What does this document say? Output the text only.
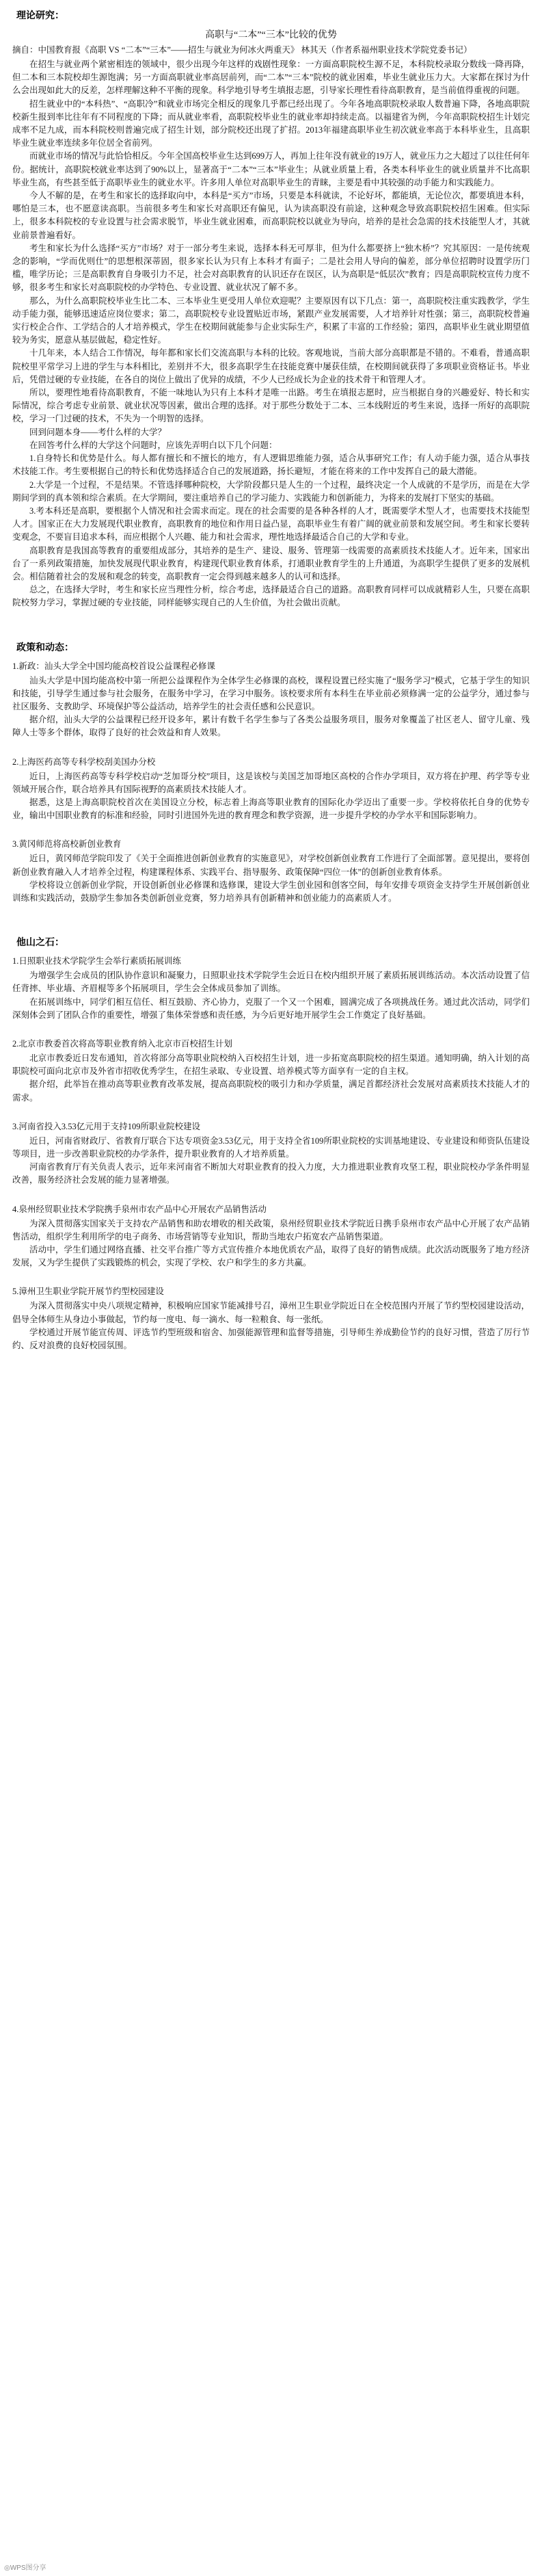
理论研究：
高职与“二本”“三本”比较的优势
摘自：中国教育报《高职 VS “二本”“三本”——招生与就业为何冰火两重天》 林其天（作者系福州职业技术学院党委书记）

在招生与就业两个紧密相连的领域中，很少出现今年这样的戏剧性现象：一方面高职院校生源不足，本科院校录取分数线一降再降，但二本和三本院校却生源饱满；另一方面高职就业率高居前列，而“二本”“三本”院校的就业困难，毕业生就业压力大。大家都在探讨为什么会出现如此大的反差，怎样理解这种不平衡的现象。科学地引导考生填报志愿，引导家长理性看待高职教育，是当前值得重视的问题。

招生就业中的“本科热”、“高职冷”和就业市场完全相反的现象几乎都已经出现了。今年各地高职院校录取人数普遍下降，各地高职院校新生报到率比往年有不同程度的下降；而从就业率看，高职院校毕业生的就业率却持续走高。以福建省为例，今年高职院校招生计划完成率不足九成，而本科院校则普遍完成了招生计划，部分院校还出现了扩招。2013年福建高职毕业生初次就业率高于本科毕业生，且高职毕业生就业率连续多年位居全省前列。

而就业市场的情况与此恰恰相反。今年全国高校毕业生达到699万人，再加上往年没有就业的19万人，就业压力之大超过了以往任何年份。据统计，高职院校就业率达到了90%以上，显著高于“二本”“三本”毕业生；从就业质量上看，各类本科毕业生的就业质量并不比高职毕业生高，有些甚至低于高职毕业生的就业水平。许多用人单位对高职毕业生的青睐，主要是看中其较强的动手能力和实践能力。

今人不解的是，在考生和家长的选择取向中，本科是“买方”市场，只要是本科就读，不论好坏，都能填，无论位次，都要填进本科，哪怕是三本，也不愿意读高职。当前很多考生和家长对高职还有偏见，认为读高职没有前途，这种观念导致高职院校招生困难。但实际上，很多本科院校的专业设置与社会需求脱节，毕业生就业困难，而高职院校以就业为导向，培养的是社会急需的技术技能型人才，其就业前景普遍看好。

考生和家长为什么选择“买方”市场？对于一部分考生来说，选择本科无可厚非，但为什么都要挤上“独木桥”？究其原因：一是传统观念的影响，“学而优则仕”的思想根深蒂固，很多家长认为只有上本科才有面子；二是社会用人导向的偏差，部分单位招聘时设置学历门槛，唯学历论；三是高职教育自身吸引力不足，社会对高职教育的认识还存在误区，认为高职是“低层次”教育；四是高职院校宣传力度不够，很多考生和家长对高职院校的办学特色、专业设置、就业状况了解不多。

那么，为什么高职院校毕业生比二本、三本毕业生更受用人单位欢迎呢？主要原因有以下几点：第一，高职院校注重实践教学，学生动手能力强，能够迅速适应岗位要求；第二，高职院校专业设置贴近市场，紧跟产业发展需要，人才培养针对性强；第三，高职院校普遍实行校企合作、工学结合的人才培养模式，学生在校期间就能参与企业实际生产，积累了丰富的工作经验；第四，高职毕业生就业期望值较为务实，愿意从基层做起，稳定性好。

十几年来，本人结合工作情况，每年都和家长们交流高职与本科的比较。客观地说，当前大部分高职都是不错的。不难看，普通高职院校里平常学习上进的学生与本科相比，差别并不大，很多高职学生在技能竞赛中屡获佳绩，在校期间就获得了多项职业资格证书。毕业后，凭借过硬的专业技能，在各自的岗位上做出了优异的成绩，不少人已经成长为企业的技术骨干和管理人才。

所以，要理性地看待高职教育，不能一味地认为只有上本科才是唯一出路。考生在填报志愿时，应当根据自身的兴趣爱好、特长和实际情况，综合考虑专业前景、就业状况等因素，做出合理的选择。对于那些分数处于二本、三本线附近的考生来说，选择一所好的高职院校，学习一门过硬的技术，不失为一个明智的选择。

回到问题本身——考什么样的大学？

在回答考什么样的大学这个问题时，应该先弄明白以下几个问题：

1.自身特长和优势是什么。每人都有擅长和不擅长的地方，有人逻辑思维能力强，适合从事研究工作；有人动手能力强，适合从事技术技能工作。考生要根据自己的特长和优势选择适合自己的发展道路，扬长避短，才能在将来的工作中发挥自己的最大潜能。

2.大学是一个过程，不是结果。不管选择哪种院校，大学阶段都只是人生的一个过程，最终决定一个人成就的不是学历，而是在大学期间学到的真本领和综合素质。在大学期间，要注重培养自己的学习能力、实践能力和创新能力，为将来的发展打下坚实的基础。

3.考本科还是高职，要根据个人情况和社会需求而定。现在的社会需要的是各种各样的人才，既需要学术型人才，也需要技术技能型人才。国家正在大力发展现代职业教育，高职教育的地位和作用日益凸显，高职毕业生有着广阔的就业前景和发展空间。考生和家长要转变观念，不要盲目追求本科，而应根据个人兴趣、能力和社会需求，理性地选择最适合自己的大学和专业。

高职教育是我国高等教育的重要组成部分，其培养的是生产、建设、服务、管理第一线需要的高素质技术技能人才。近年来，国家出台了一系列政策措施，加快发展现代职业教育，构建现代职业教育体系，打通职业教育学生的上升通道，为高职学生提供了更多的发展机会。相信随着社会的发展和观念的转变，高职教育一定会得到越来越多人的认可和选择。

总之，在选择大学时，考生和家长应当理性分析，综合考虑，选择最适合自己的道路。高职教育同样可以成就精彩人生，只要在高职院校努力学习，掌握过硬的专业技能，同样能够实现自己的人生价值，为社会做出贡献。

政策和动态：
1.新政：汕头大学全中国均能高校首设公益课程必修课

汕头大学是中国均能高校中第一所把公益课程作为全体学生必修课的高校，课程设置已经实施了“服务学习”模式，它基于学生的知识和技能，引导学生通过参与社会服务，在服务中学习，在学习中服务。该校要求所有本科生在毕业前必须修满一定的公益学分，通过参与社区服务、支教助学、环境保护等公益活动，培养学生的社会责任感和公民意识。

据介绍，汕头大学的公益课程已经开设多年，累计有数千名学生参与了各类公益服务项目，服务对象覆盖了社区老人、留守儿童、残障人士等多个群体，取得了良好的社会效益和育人效果。

2.上海医药高等专科学校刮美国办分校

近日，上海医药高等专科学校启动“芝加哥分校”项目，这是该校与美国芝加哥地区高校的合作办学项目，双方将在护理、药学等专业领域开展合作，联合培养具有国际视野的高素质技术技能人才。

据悉，这是上海高职院校首次在美国设立分校，标志着上海高等职业教育的国际化办学迈出了重要一步。学校将依托自身的优势专业，输出中国职业教育的标准和经验，同时引进国外先进的教育理念和教学资源，进一步提升学校的办学水平和国际影响力。

3.黄冈师范将高校新创业教育

近日，黄冈师范学院印发了《关于全面推进创新创业教育的实施意见》，对学校创新创业教育工作进行了全面部署。意见提出，要将创新创业教育融入人才培养全过程，构建课程体系、实践平台、指导服务、政策保障“四位一体”的创新创业教育体系。

学校将设立创新创业学院，开设创新创业必修课和选修课，建设大学生创业园和创客空间，每年安排专项资金支持学生开展创新创业训练和实践活动，鼓励学生参加各类创新创业竞赛，努力培养具有创新精神和创业能力的高素质人才。

他山之石：
1.日照职业技术学院学生会举行素质拓展训练

为增强学生会成员的团队协作意识和凝聚力，日照职业技术学院学生会近日在校内组织开展了素质拓展训练活动。本次活动设置了信任背摔、毕业墙、齐眉棍等多个拓展项目，学生会全体成员参加了训练。

在拓展训练中，同学们相互信任、相互鼓励、齐心协力，克服了一个又一个困难，圆满完成了各项挑战任务。通过此次活动，同学们深刻体会到了团队合作的重要性，增强了集体荣誉感和责任感，为今后更好地开展学生会工作奠定了良好基础。

2.北京市教委首次将高等职业教育纳入北京市百校招生计划

北京市教委近日发布通知，首次将部分高等职业院校纳入百校招生计划，进一步拓宽高职院校的招生渠道。通知明确，纳入计划的高职院校可面向北京市及外省市招收优秀学生，在招生录取、专业设置、培养模式等方面享有一定的自主权。

据介绍，此举旨在推动高等职业教育改革发展，提高高职院校的吸引力和办学质量，满足首都经济社会发展对高素质技术技能人才的需求。

3.河南省投入3.53亿元用于支持109所职业院校建设

近日，河南省财政厅、省教育厅联合下达专项资金3.53亿元，用于支持全省109所职业院校的实训基地建设、专业建设和师资队伍建设等项目，进一步改善职业院校的办学条件，提升职业教育的人才培养质量。

河南省教育厅有关负责人表示，近年来河南省不断加大对职业教育的投入力度，大力推进职业教育攻坚工程，职业院校办学条件明显改善，服务经济社会发展的能力显著增强。

4.泉州经贸职业技术学院携手泉州市农产品中心开展农产品销售活动

为深入贯彻落实国家关于支持农产品销售和助农增收的相关政策，泉州经贸职业技术学院近日携手泉州市农产品中心开展了农产品销售活动，组织学生利用所学的电子商务、市场营销等专业知识，帮助当地农户拓宽农产品销售渠道。

活动中，学生们通过网络直播、社交平台推广等方式宣传推介本地优质农产品，取得了良好的销售成绩。此次活动既服务了地方经济发展，又为学生提供了实践锻炼的机会，实现了学校、农户和学生的多方共赢。

5.漳州卫生职业学院开展节约型校园建设

为深入贯彻落实中央八项规定精神，积极响应国家节能减排号召，漳州卫生职业学院近日在全校范围内开展了节约型校园建设活动，倡导全体师生从身边小事做起，节约每一度电、每一滴水、每一粒粮食、每一张纸。

学校通过开展节能宣传周、评选节约型班级和宿舍、加强能源管理和监督等措施，引导师生养成勤俭节约的良好习惯，营造了厉行节约、反对浪费的良好校园氛围。

◎WPS图分享
